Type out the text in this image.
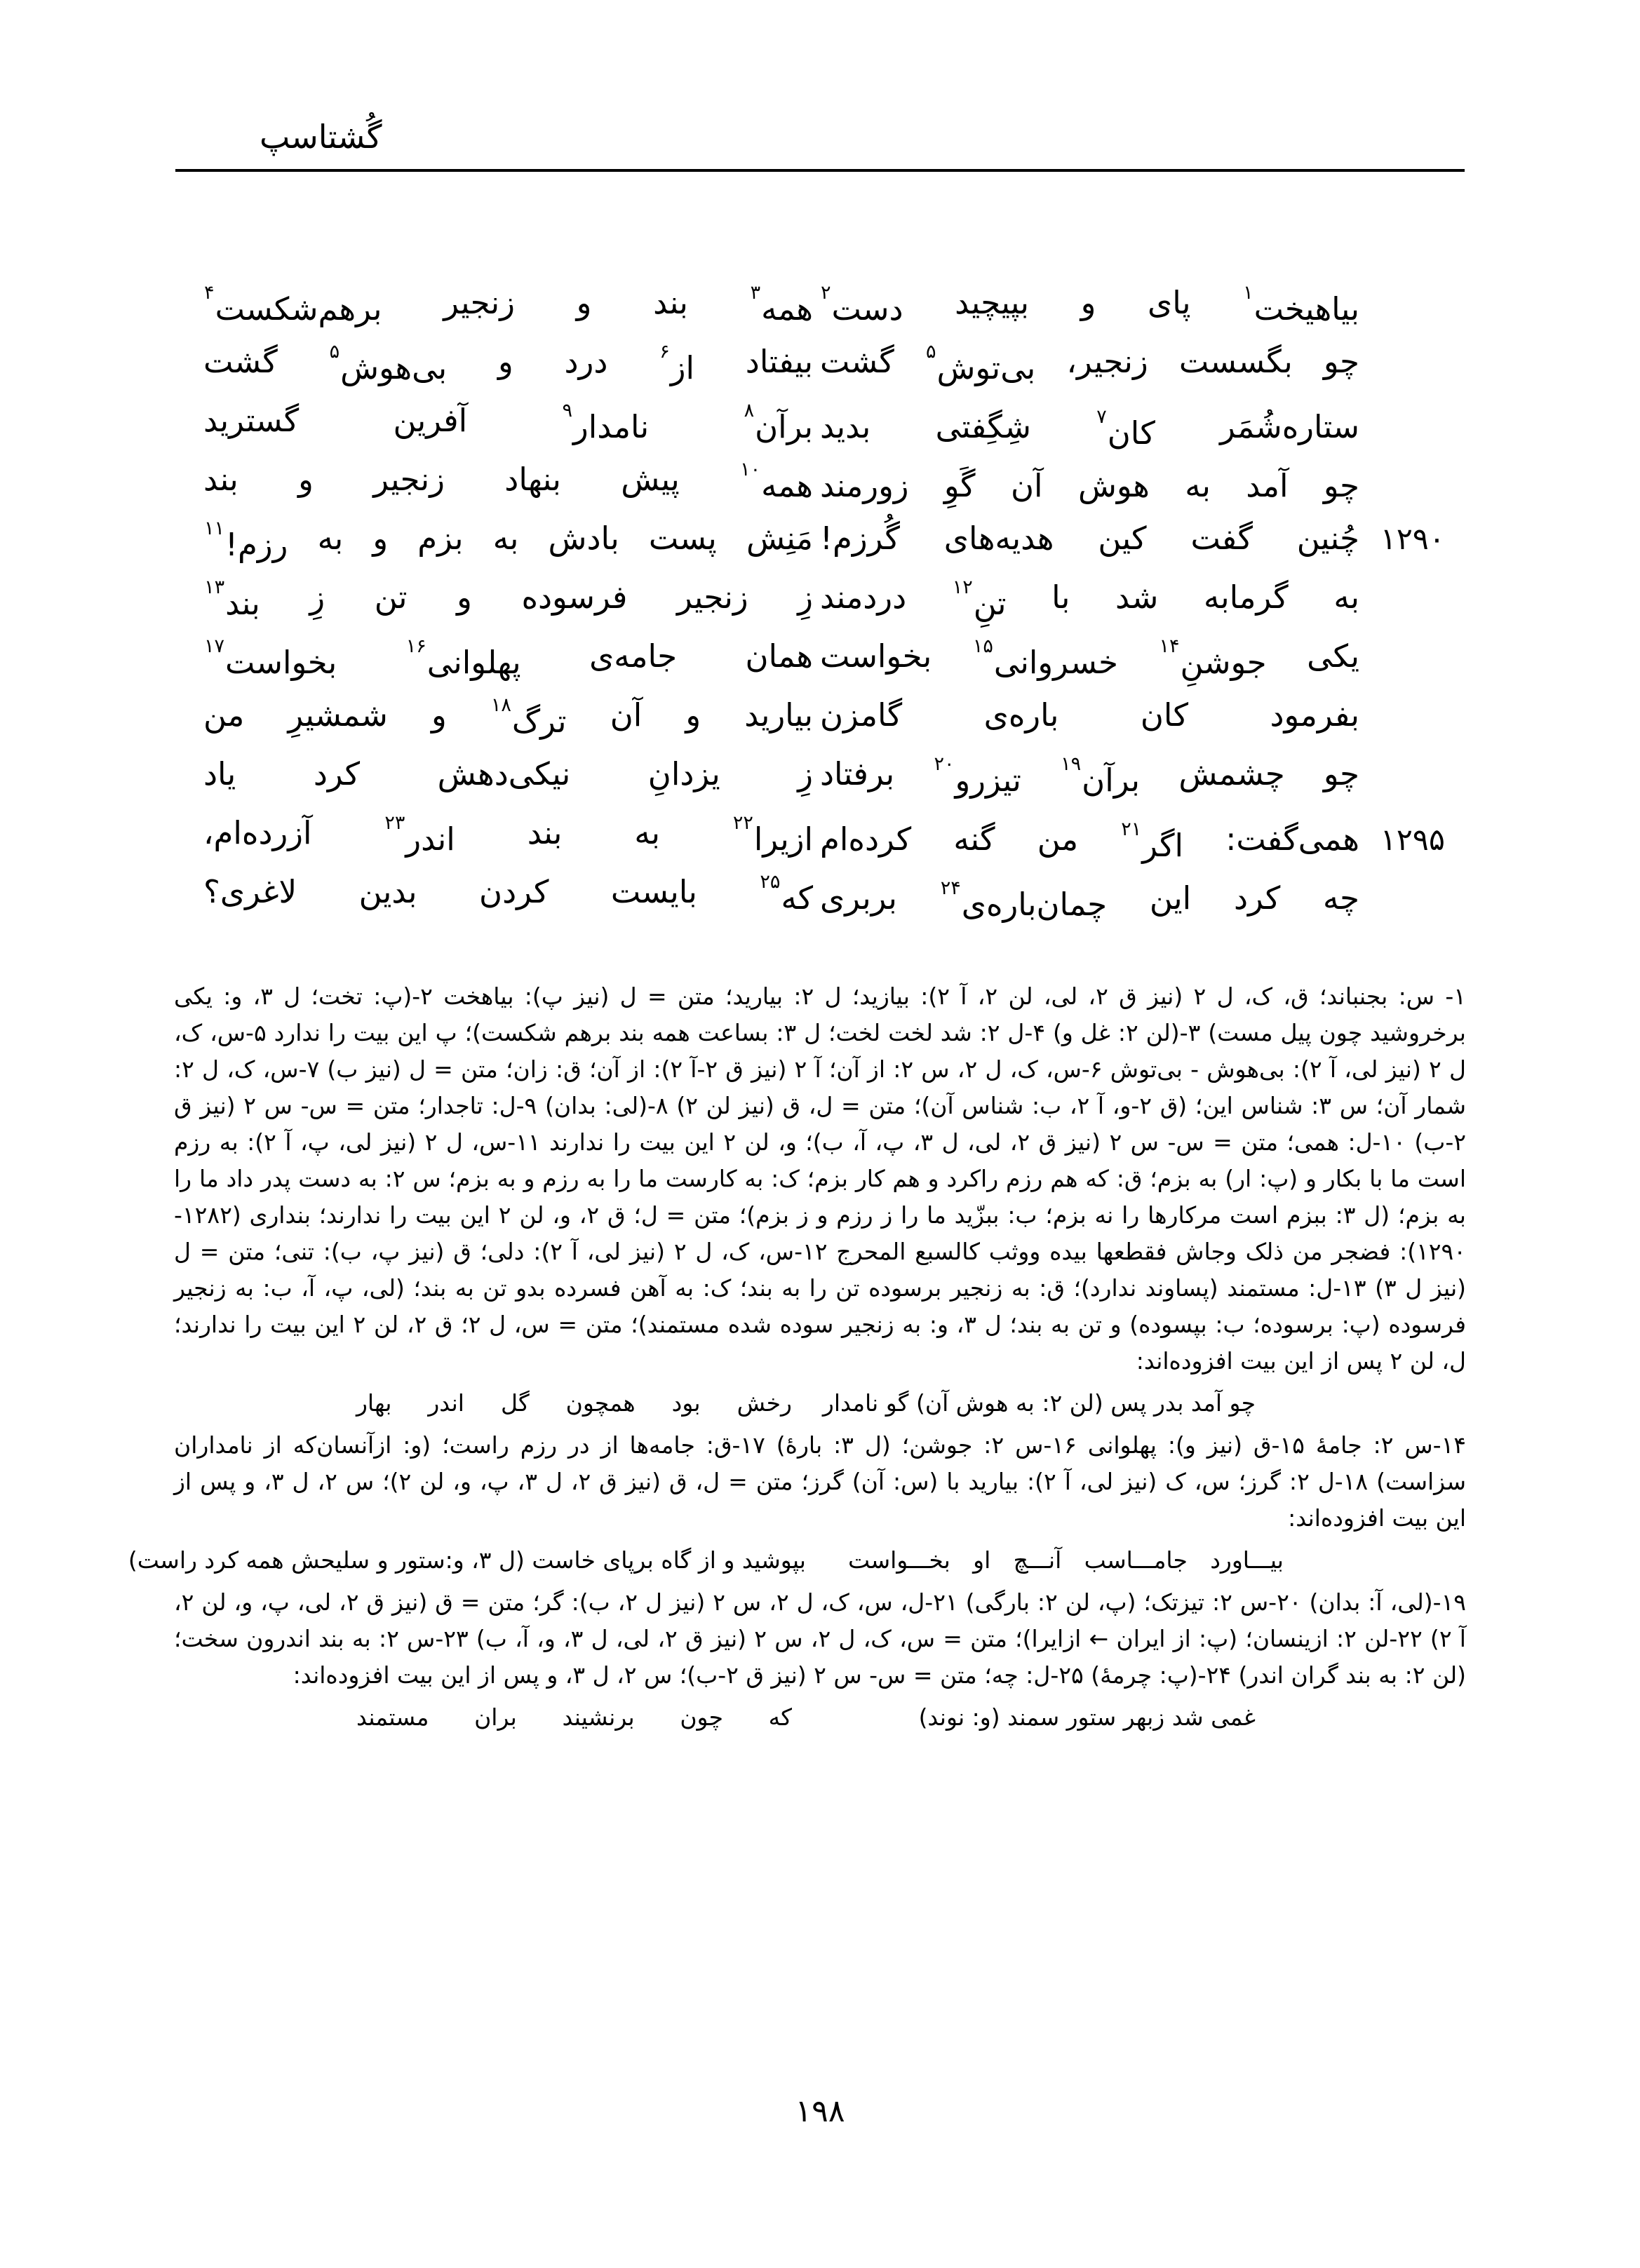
گُشتاسپ
بیاهیخت$^۱$
پای
و
بپیچید
دست$^۲$
همه$^۳$
بند
و
زنجیر
برهم‌شکست$^۴$
چو
بگسست
زنجیر،
بی‌توش$^۵$
گشت
بیفتاد
از$^۶$
درد
و
بی‌هوش$^۵$
گشت
ستاره‌شُمَر
کان$^۷$
شِگِفتی
بدید
برآن$^۸$
نامدار$^۹$
آفرین
گسترید
چو
آمد
به
هوش
آن
گَوِ
زورمند
همه$^{۱۰}$
پیش
بنهاد
زنجیر
و
بند
۱۲۹۰
چُنین
گفت
کین
هدیه‌های
گُرزم!
مَنِش
پست
بادش
به
بزم
و
به
رزم!$^{۱۱}$
به
گرمابه
شد
با
تنِ$^{۱۲}$
دردمند
زِ
زنجیر
فرسوده
و
تن
زِ
بند$^{۱۳}$
یکی
جوشنِ$^{۱۴}$
خسروانی$^{۱۵}$
بخواست
همان
جامه‌ی
پهلوانی$^{۱۶}$
بخواست$^{۱۷}$
بفرمود
کان
باره‌ی
گامزن
بیارید
و
آن
ترگ$^{۱۸}$
و
شمشیرِ
من
چو
چشمش
برآن$^{۱۹}$
تیزرو$^{۲۰}$
برفتاد
زِ
یزدانِ
نیکی‌دهش
کرد
یاد
۱۲۹۵
همی‌گفت:
اگر$^{۲۱}$
من
گنه
کرده‌ام
ازیرا$^{۲۲}$
به
بند
اندر$^{۲۳}$
آزرده‌ام،
چه
کرد
این
چمان‌باره‌ی$^{۲۴}$
بربری
که$^{۲۵}$
بایست
کردن
بدین
لاغری؟

۱- س: بجنباند؛ ق، ک، ل ۲ (نیز ق ۲، لی، لن ۲، آ ۲): بیازید؛ ل ۲: بیارید؛ متن = ل (نیز پ): بیاهخت ۲-(پ: تخت؛ ل ۳، و: یکی برخروشید چون پیل مست) ۳-(لن ۲: غل و) ۴-ل ۲: شد لخت لخت؛ ل ۳: بساعت همه بند برهم شکست)؛ پ این بیت را ندارد ۵-س، ک، ل ۲ (نیز لی، آ ۲): بی‌هوش - بی‌توش ۶-س، ک، ل ۲، س ۲: از آن؛ آ ۲ (نیز ق ۲-آ ۲): از آن؛ ق: زان؛ متن = ل (نیز ب) ۷-س، ک، ل ۲: شمار آن؛ س ۳: شناس این؛ (ق ۲-و، آ ۲، ب: شناس آن)؛ متن = ل، ق (نیز لن ۲) ۸-(لی: بدان) ۹-ل: تاجدار؛ متن = س- س ۲ (نیز ق ۲-ب) ۱۰-ل: همی؛ متن = س- س ۲ (نیز ق ۲، لی، ل ۳، پ، آ، ب)؛ و، لن ۲ این بیت را ندارند ۱۱-س، ل ۲ (نیز لی، پ، آ ۲): به رزم است ما با بکار و (پ: ار) به بزم؛ ق: که هم رزم راکرد و هم کار بزم؛ ک: به کارست ما را به رزم و به بزم؛ س ۲: به دست پدر داد ما را به بزم؛ (ل ۳: ببزم است مرکارها را نه بزم؛ ب: ببزّید ما را ز رزم و ز بزم)؛ متن = ل؛ ق ۲، و، لن ۲ این بیت را ندارند؛ بنداری (۱۲۸۲- ۱۲۹۰): فضجر من ذلک وجاش فقطعها بیده ووثب کالسبع المحرج ۱۲-س، ک، ل ۲ (نیز لی، آ ۲): دلی؛ ق (نیز پ، ب): تنی؛ متن = ل (نیز ل ۳) ۱۳-ل: مستمند (پساوند ندارد)؛ ق: به زنجیر برسوده تن را به بند؛ ک: به آهن فسرده بدو تن به بند؛ (لی، پ، آ، ب: به زنجیر فرسوده (پ: برسوده؛ ب: بپسوده) و تن به بند؛ ل ۳، و: به زنجیر سوده شده مستمند)؛ متن = س، ل ۲؛ ق ۲، لن ۲ این بیت را ندارند؛ ل، لن ۲ پس از این بیت افزوده‌اند:

چو آمد بدر پس (لن ۲: به هوش آن) گو نامدار
رخش
بود
همچون
گل
اندر
بهار

۱۴-س ۲: جامهٔ ۱۵-ق (نیز و): پهلوانی ۱۶-س ۲: جوشن؛ (ل ۳: بارهٔ) ۱۷-ق: جامه‌ها از در رزم راست؛ (و: ازآنسان‌که از نامداران سزاست) ۱۸-ل ۲: گرز؛ س، ک (نیز لی، آ ۲): بیارید با (س: آن) گرز؛ متن = ل، ق (نیز ق ۲، ل ۳، پ، و، لن ۲)؛ س ۲، ل ۳، و پس از این بیت افزوده‌اند:

بیـــاورد
جامـــاسب
آنـــچ
او
بخـــواست
بپوشید و از گاه برپای خاست (ل ۳، و:ستور و سلیحش همه کرد راست)

۱۹-(لی، آ: بدان) ۲۰-س ۲: تیزتک؛ (پ، لن ۲: بارگی) ۲۱-ل، س، ک، ل ۲، س ۲ (نیز ل ۲، ب): گر؛ متن = ق (نیز ق ۲، لی، پ، و، لن ۲، آ ۲) ۲۲-لن ۲: ازینسان؛ (پ: از ایران ← ازایرا)؛ متن = س، ک، ل ۲، س ۲ (نیز ق ۲، لی، ل ۳، و، آ، ب) ۲۳-س ۲: به بند اندرون سخت؛ (لن ۲: به بند گران اندر) ۲۴-(پ: چرمهٔ) ۲۵-ل: چه؛ متن = س- س ۲ (نیز ق ۲-ب)؛ س ۲، ل ۳، و پس از این بیت افزوده‌اند:

غمی شد زبهر ستور سمند (و: نوند)
که
چون
برنشیند
بران
مستمند
۱۹۸
